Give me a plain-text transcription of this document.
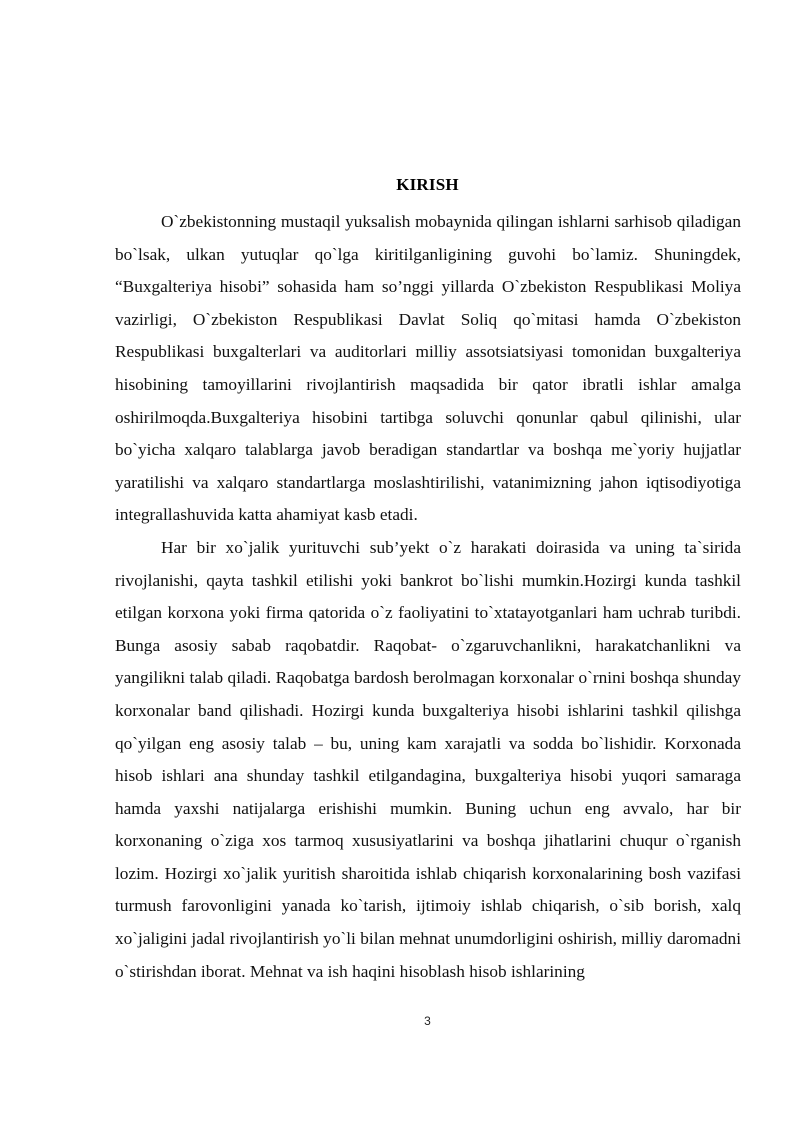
KIRISH

O`zbekistonning mustaqil yuksalish mobaynida qilingan ishlarni sarhisob qiladigan bo`lsak, ulkan yutuqlar qo`lga kiritilganligining guvohi bo`lamiz. Shuningdek, “Buxgalteriya hisobi” sohasida ham so’nggi yillarda O`zbekiston Respublikasi Moliya vazirligi, O`zbekiston Respublikasi Davlat Soliq qo`mitasi hamda O`zbekiston Respublikasi buxgalterlari va auditorlari milliy assotsiatsiyasi tomonidan buxgalteriya hisobining tamoyillarini rivojlantirish maqsadida bir qator ibratli ishlar amalga oshirilmoqda.Buxgalteriya hisobini tartibga soluvchi qonunlar qabul qilinishi, ular bo`yicha xalqaro talablarga javob beradigan standartlar va boshqa me`yoriy hujjatlar yaratilishi va xalqaro standartlarga moslashtirilishi, vatanimizning jahon iqtisodiyotiga integrallashuvida katta ahamiyat kasb etadi.

Har bir xo`jalik yurituvchi sub’yekt o`z harakati doirasida va uning ta`sirida rivojlanishi, qayta tashkil etilishi yoki bankrot bo`lishi mumkin.Hozirgi kunda tashkil etilgan korxona yoki firma qatorida o`z faoliyatini to`xtatayotganlari ham uchrab turibdi. Bunga asosiy sabab raqobatdir. Raqobat- o`zgaruvchanlikni, harakatchanlikni va yangilikni talab qiladi. Raqobatga bardosh berolmagan korxonalar o`rnini boshqa shunday korxonalar band qilishadi. Hozirgi kunda buxgalteriya hisobi ishlarini tashkil qilishga qo`yilgan eng asosiy talab – bu, uning kam xarajatli va sodda bo`lishidir. Korxonada hisob ishlari ana shunday tashkil etilgandagina, buxgalteriya hisobi yuqori samaraga hamda yaxshi natijalarga erishishi mumkin. Buning uchun eng avvalo, har bir korxonaning o`ziga xos tarmoq xususiyatlarini va boshqa jihatlarini chuqur o`rganish lozim. Hozirgi xo`jalik yuritish sharoitida ishlab chiqarish korxonalarining bosh vazifasi turmush farovonligini yanada ko`tarish, ijtimoiy ishlab chiqarish, o`sib borish, xalq xo`jaligini jadal rivojlantirish yo`li bilan mehnat unumdorligini oshirish, milliy daromadni o`stirishdan iborat. Mehnat va ish haqini hisoblash hisob ishlarining

3
